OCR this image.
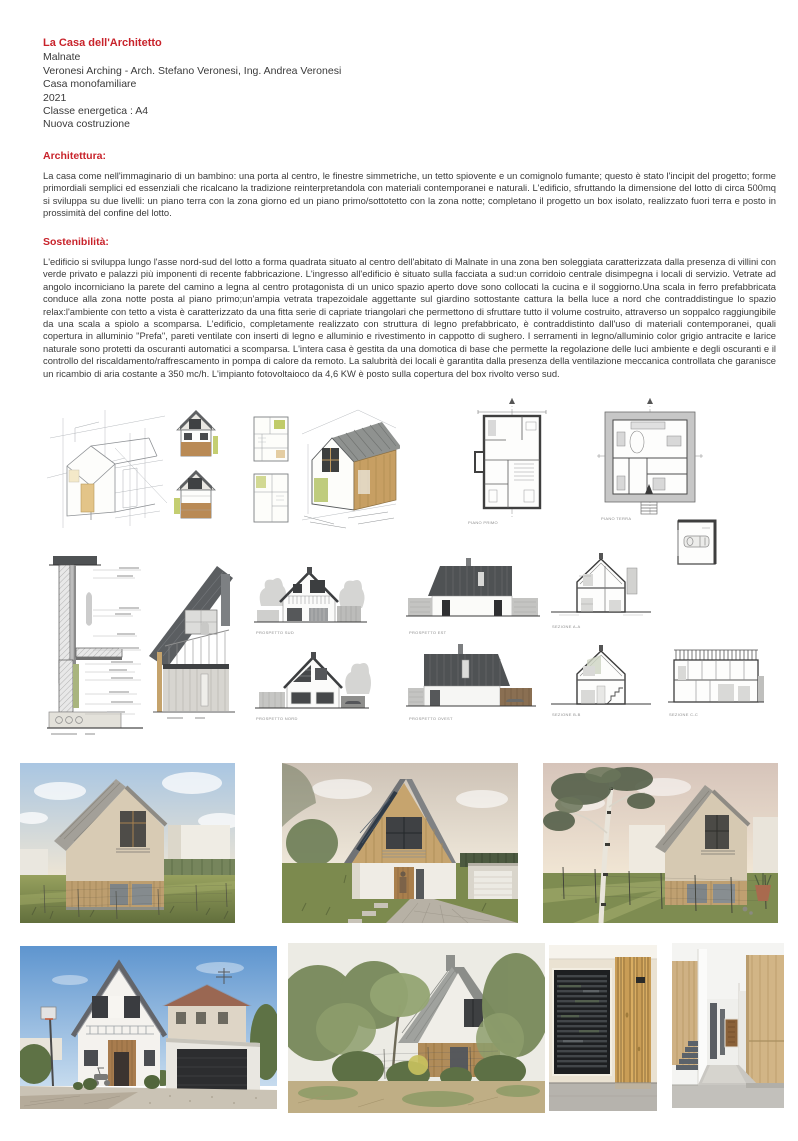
La Casa dell'Architetto
Malnate
Veronesi Arching - Arch. Stefano Veronesi, Ing. Andrea Veronesi
Casa monofamiliare
2021
Classe energetica : A4
Nuova costruzione
Architettura:

La casa come nell'immaginario di un bambino: una porta al centro, le finestre simmetriche, un tetto spiovente e un comignolo fumante; questo è stato l'incipit del progetto; forme primordiali semplici ed essenziali che ricalcano la tradizione reinterpretandola con materiali contemporanei e naturali. L'edificio, sfruttando la dimensione del lotto di circa 500mq si sviluppa su due livelli: un piano terra con la zona giorno ed un piano primo/sottotetto con la zona notte; completano il progetto un box isolato, realizzato fuori terra e posto in prossimità del confine del lotto.

Sostenibilità:

L'edificio si sviluppa lungo l'asse nord-sud del lotto a forma quadrata situato al centro dell'abitato di Malnate in una zona ben soleggiata caratterizzata dalla presenza di villini con verde privato e palazzi più imponenti di recente fabbricazione. L'ingresso all'edificio è situato sulla facciata a sud:un corridoio centrale disimpegna i locali di servizio. Vetrate ad angolo incorniciano la parete del camino a legna al centro protagonista di un unico spazio aperto dove sono collocati la cucina e il soggiorno.Una scala in ferro prefabbricata conduce alla zona notte posta al piano primo;un'ampia vetrata trapezoidale aggettante sul giardino sottostante cattura la bella luce a nord che contraddistingue lo spazio relax:l'ambiente con tetto a vista è caratterizzato da una fitta serie di capriate triangolari che permettono di sfruttare tutto il volume costruito, attraverso un soppalco raggiungibile da una scala a spiolo a scomparsa. L'edificio, completamente realizzato con struttura di legno prefabbricato, è contraddistinto dall'uso di materiali contemporanei, quali copertura in alluminio "Prefa", pareti ventilate con inserti di legno e alluminio e rivestimento in cappotto di sughero. I serramenti in legno/alluminio color grigio antracite e larice naturale sono protetti da oscuranti automatici a scomparsa. L'intera casa è gestita da una domotica di base che permette la regolazione delle luci ambiente e degli oscuranti e il controllo del riscaldamento/raffrescamento in pompa di calore da remoto. La salubrità dei locali è garantita dalla presenza della ventilazione meccanica controllata che garanisce un ricambio di aria costante a 350 mc/h. L'impianto fotovoltaioco da 4,6 KW è posto sulla copertura del box rivolto verso sud.

PIANO PRIMO
PIANO TERRA
PROSPETTO SUD
PROSPETTO NORD
PROSPETTO EST
PROSPETTO OVEST
SEZIONE A-A
SEZIONE B-B	SEZIONE C-C
